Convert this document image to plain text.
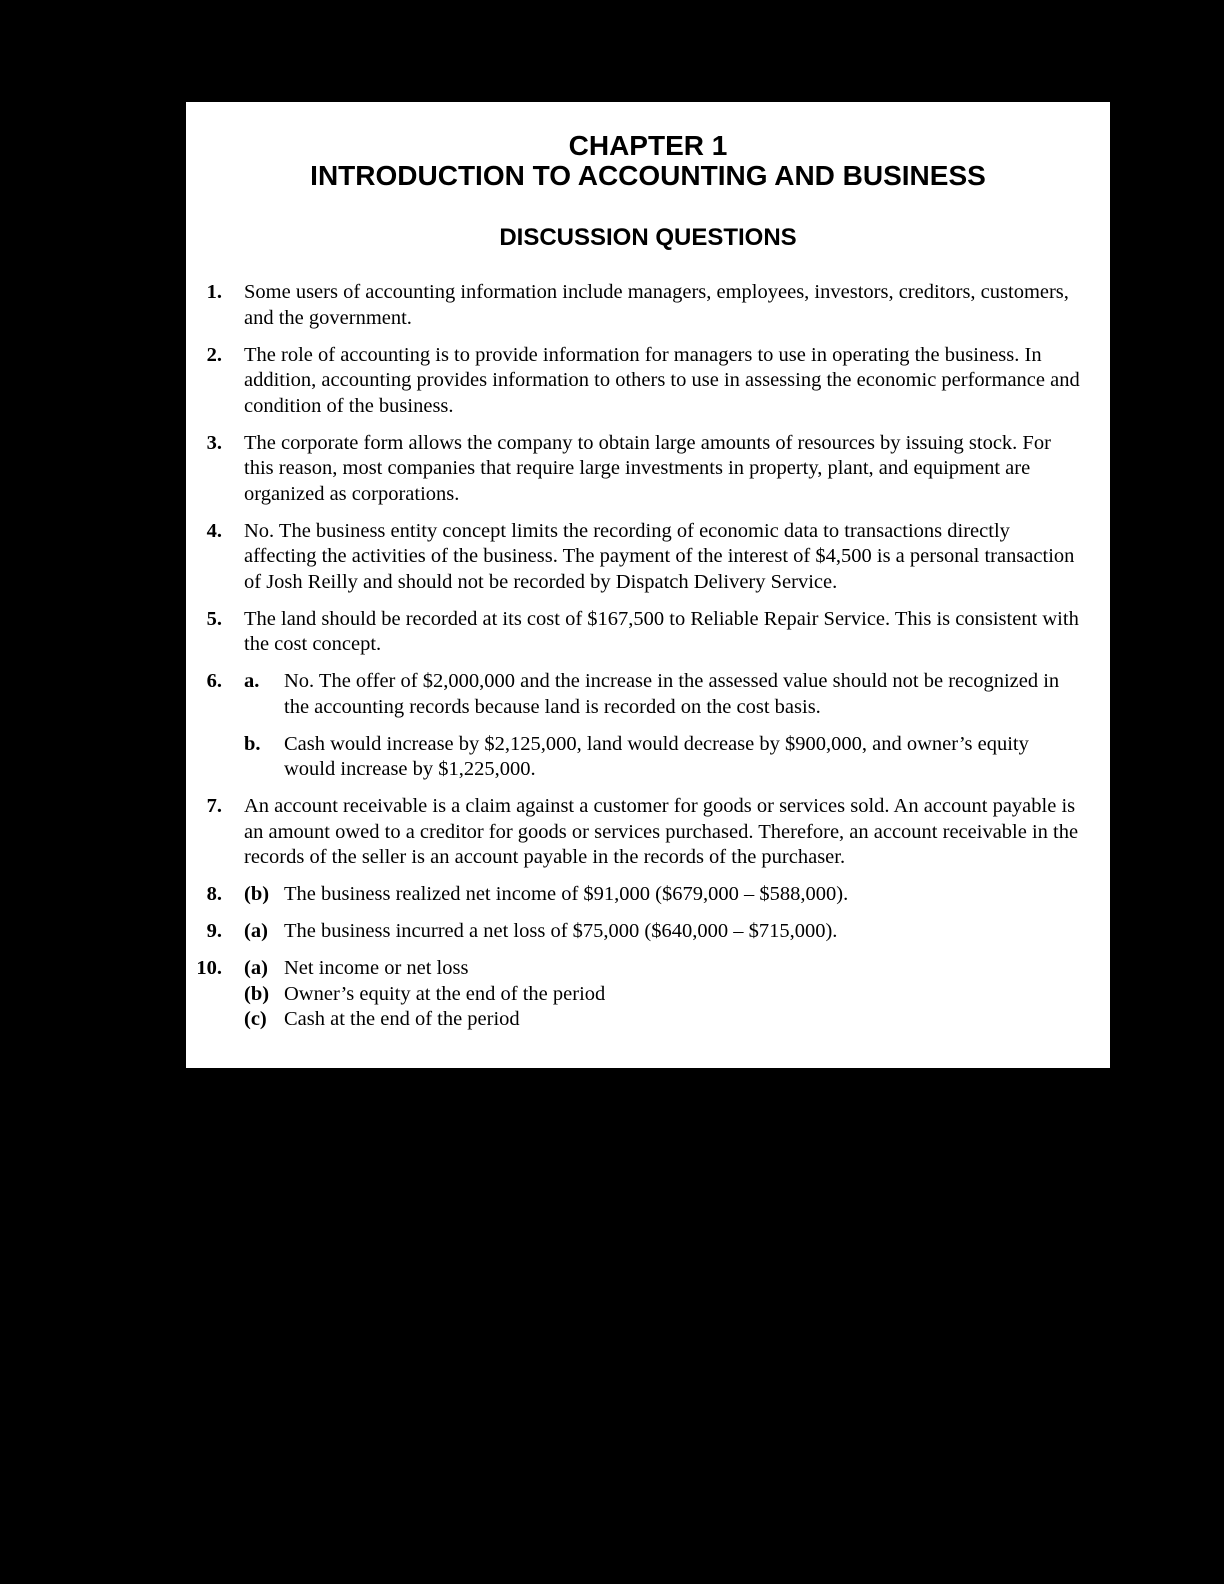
CHAPTER 1
INTRODUCTION TO ACCOUNTING AND BUSINESS
DISCUSSION QUESTIONS
1. Some users of accounting information include managers, employees, investors, creditors, customers, and the government.
2. The role of accounting is to provide information for managers to use in operating the business. In addition, accounting provides information to others to use in assessing the economic performance and condition of the business.
3. The corporate form allows the company to obtain large amounts of resources by issuing stock. For this reason, most companies that require large investments in property, plant, and equipment are organized as corporations.
4. No. The business entity concept limits the recording of economic data to transactions directly affecting the activities of the business. The payment of the interest of $4,500 is a personal transaction of Josh Reilly and should not be recorded by Dispatch Delivery Service.
5. The land should be recorded at its cost of $167,500 to Reliable Repair Service. This is consistent with the cost concept.
6. a. No. The offer of $2,000,000 and the increase in the assessed value should not be recognized in the accounting records because land is recorded on the cost basis.
b. Cash would increase by $2,125,000, land would decrease by $900,000, and owner’s equity would increase by $1,225,000.
7. An account receivable is a claim against a customer for goods or services sold. An account payable is an amount owed to a creditor for goods or services purchased. Therefore, an account receivable in the records of the seller is an account payable in the records of the purchaser.
8. (b) The business realized net income of $91,000 ($679,000 – $588,000).
9. (a) The business incurred a net loss of $75,000 ($640,000 – $715,000).
10. (a) Net income or net loss
(b) Owner’s equity at the end of the period
(c) Cash at the end of the period
